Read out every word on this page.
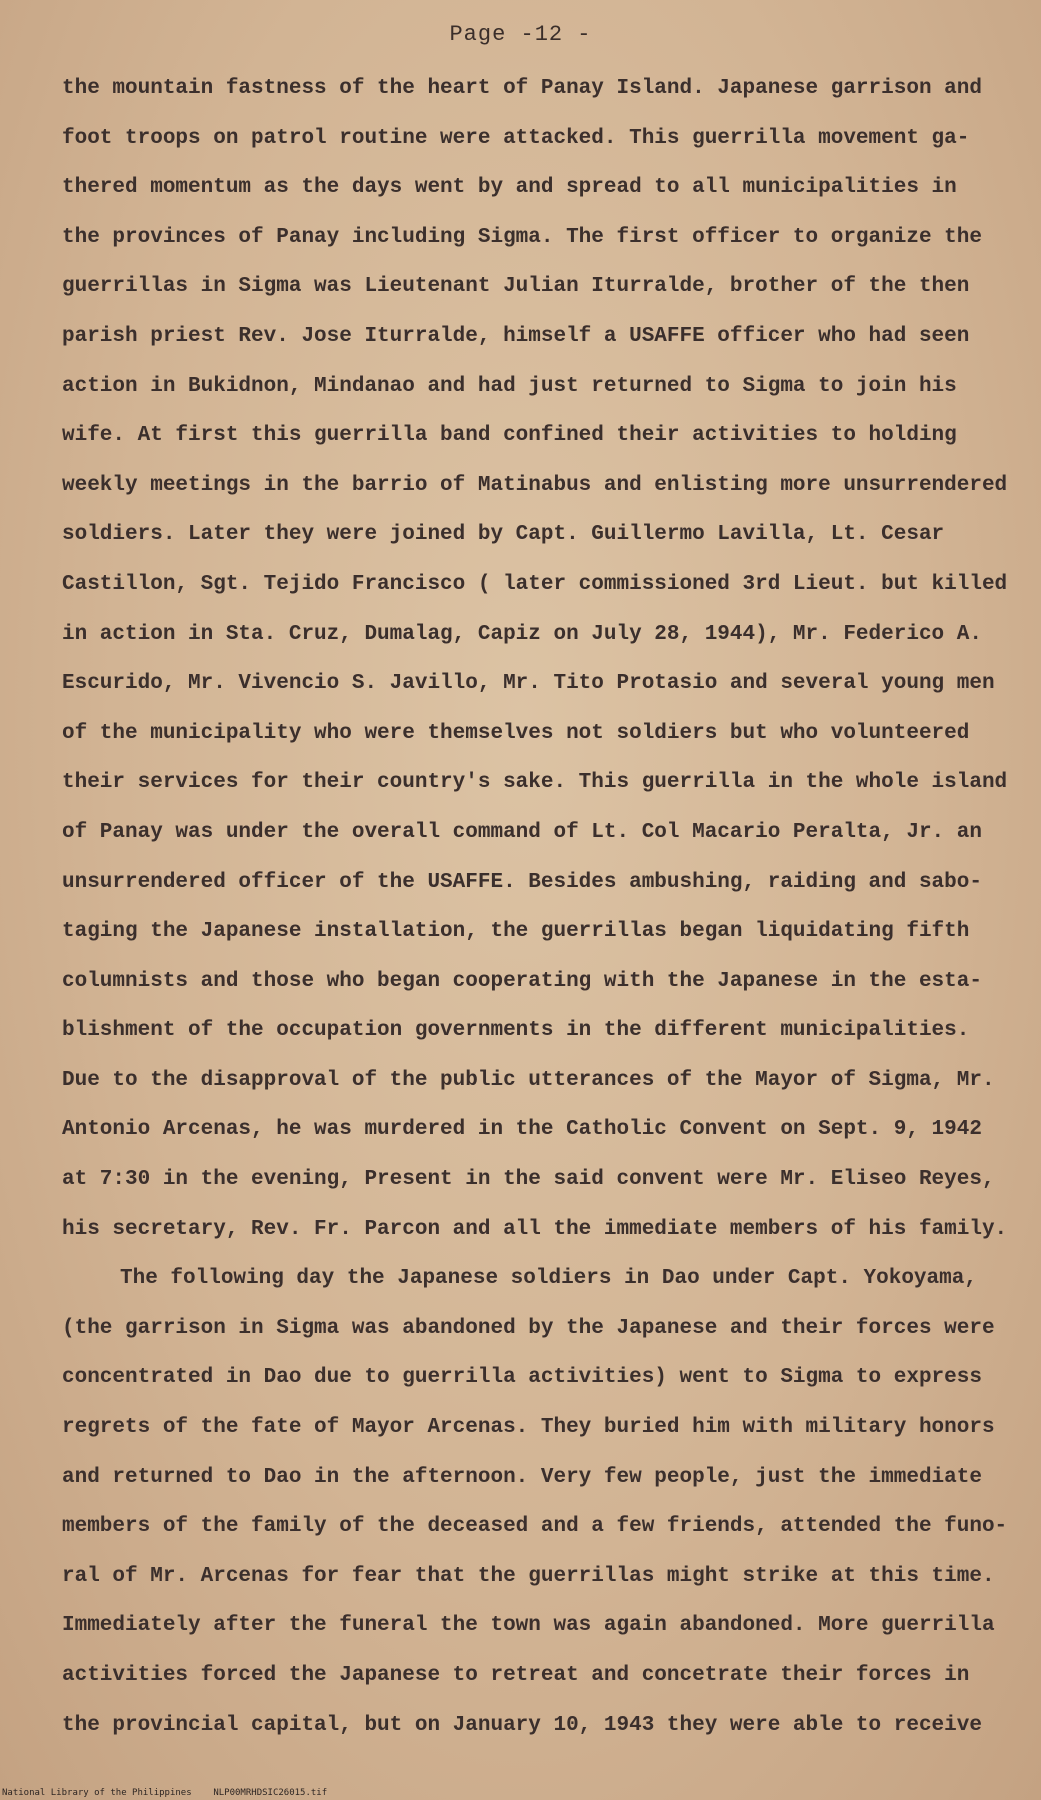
Page -12 -
the mountain fastness of the heart of Panay Island. Japanese garrison and
foot troops on patrol routine were attacked. This guerrilla movement ga-
thered momentum as the days went by and spread to all municipalities in
the provinces of Panay including Sigma. The first officer to organize the
guerrillas in Sigma was Lieutenant Julian Iturralde, brother of the then
parish priest Rev. Jose Iturralde, himself a USAFFE officer who had seen
action in Bukidnon, Mindanao and had just returned to Sigma to join his
wife. At first this guerrilla band confined their activities to holding
weekly meetings in the barrio of Matinabus and enlisting more unsurrendered
soldiers. Later they were joined by Capt. Guillermo Lavilla, Lt. Cesar
Castillon, Sgt. Tejido Francisco ( later commissioned 3rd Lieut. but killed
in action in Sta. Cruz, Dumalag, Capiz on July 28, 1944), Mr. Federico A.
Escurido, Mr. Vivencio S. Javillo, Mr. Tito Protasio and several young men
of the municipality who were themselves not soldiers but who volunteered
their services for their country's sake. This guerrilla in the whole island
of Panay was under the overall command of Lt. Col Macario Peralta, Jr. an
unsurrendered officer of the USAFFE. Besides ambushing, raiding and sabo-
taging the Japanese installation, the guerrillas began liquidating fifth
columnists and those who began cooperating with the Japanese in the esta-
blishment of the occupation governments in the different municipalities.
Due to the disapproval of the public utterances of the Mayor of Sigma, Mr.
Antonio Arcenas, he was murdered in the Catholic Convent on Sept. 9, 1942
at 7:30 in the evening, Present in the said convent were Mr. Eliseo Reyes,
his secretary, Rev. Fr. Parcon and all the immediate members of his family.
The following day the Japanese soldiers in Dao under Capt. Yokoyama,
(the garrison in Sigma was abandoned by the Japanese and their forces were
concentrated in Dao due to guerrilla activities) went to Sigma to express
regrets of the fate of Mayor Arcenas. They buried him with military honors
and returned to Dao in the afternoon. Very few people, just the immediate
members of the family of the deceased and a few friends, attended the funo-
ral of Mr. Arcenas for fear that the guerrillas might strike at this time.
Immediately after the funeral the town was again abandoned. More guerrilla
activities forced the Japanese to retreat and concetrate their forces in
the provincial capital, but on January 10, 1943 they were able to receive
National Library of the Philippines NLP00MRHDSIC26015.tif
